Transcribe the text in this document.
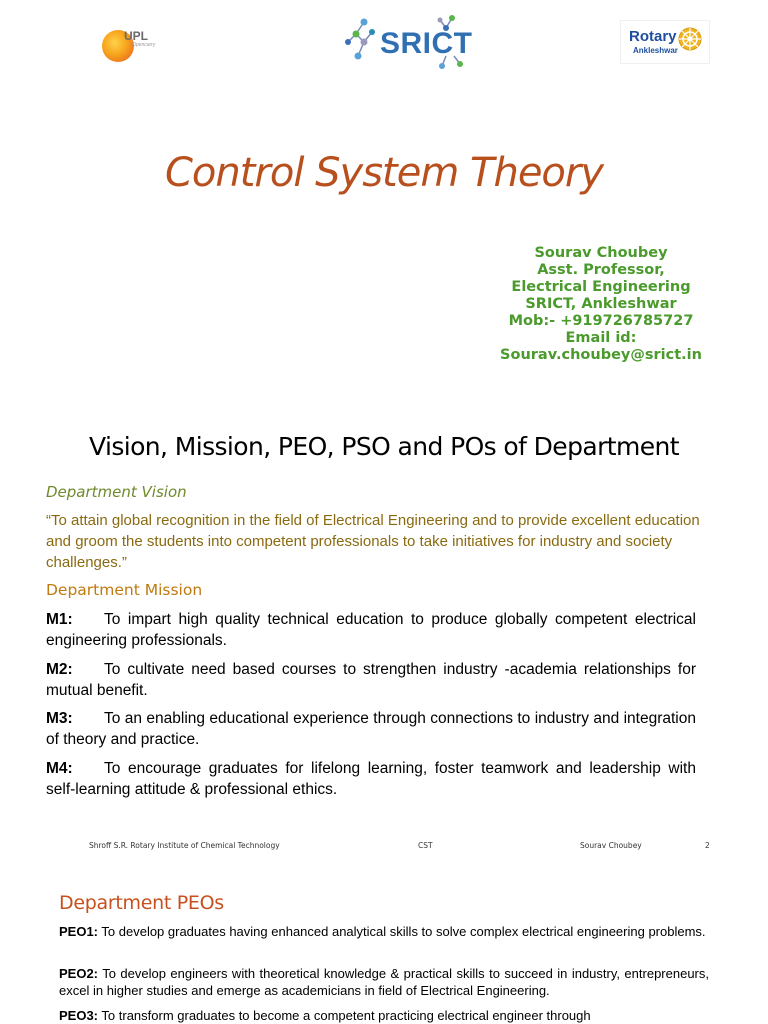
UPL
Opencarry	SRICT	Rotary
Ankleshwar
Control System Theory
Sourav Choubey
Asst. Professor,
Electrical Engineering
SRICT, Ankleshwar
Mob:- +919726785727
Email id: Sourav.choubey@srict.in
Vision, Mission, PEO, PSO and POs of Department
Department Vision
“To attain global recognition in the field of Electrical Engineering and to provide excellent education and groom the students into competent professionals to take initiatives for industry and society challenges.”
Department Mission
M1: To impart high quality technical education to produce globally competent electrical engineering professionals.
M2: To cultivate need based courses to strengthen industry -academia relationships for mutual benefit.
M3: To an enabling educational experience through connections to industry and integration of theory and practice.
M4: To encourage graduates for lifelong learning, foster teamwork and leadership with self-learning attitude & professional ethics.
Shroff S.R. Rotary Institute of Chemical Technology	CST	Sourav Choubey	2
Department PEOs
PEO1: To develop graduates having enhanced analytical skills to solve complex electrical engineering problems.
PEO2: To develop engineers with theoretical knowledge & practical skills to succeed in industry, entrepreneurs, excel in higher studies and emerge as academicians in field of Electrical Engineering.
PEO3: To transform graduates to become a competent practicing electrical engineer through
